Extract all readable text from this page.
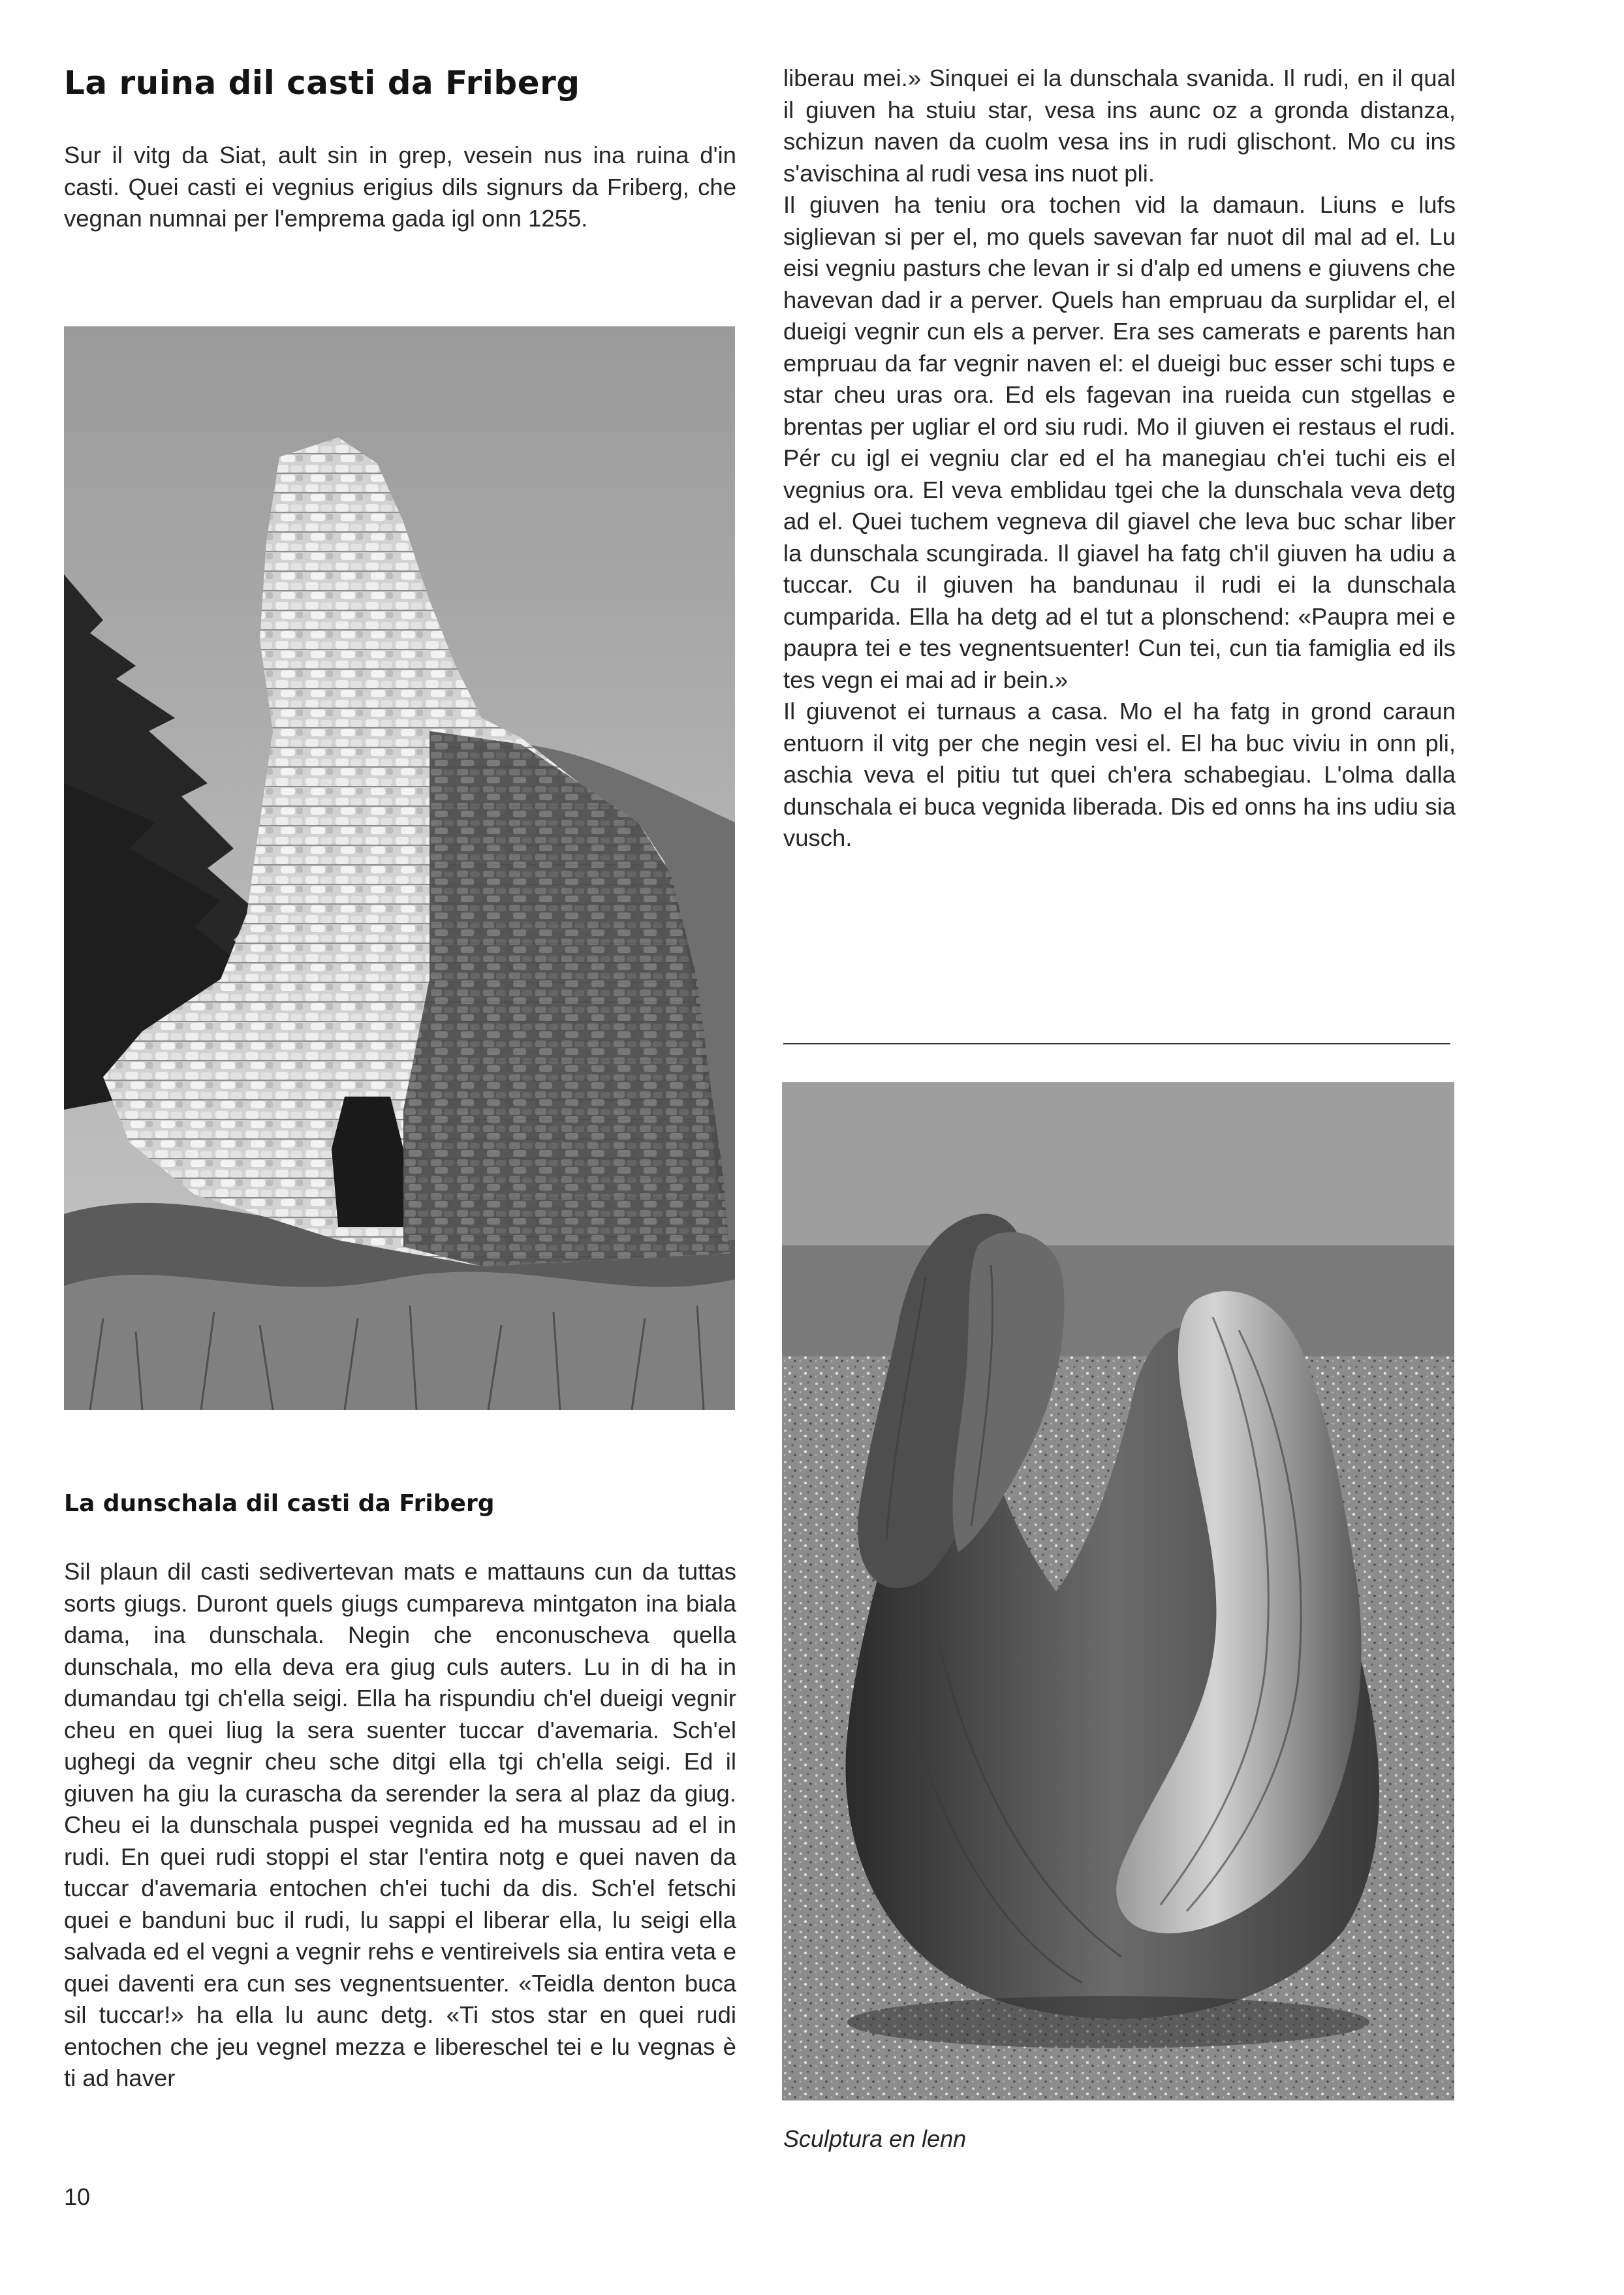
La ruina dil casti da Friberg

Sur il vitg da Siat, ault sin in grep, vesein nus ina ruina d'in casti. Quei casti ei vegnius erigius dils signurs da Friberg, che vegnan numnai per l'emprema gada igl onn 1255.

La dunschala dil casti da Friberg

Sil plaun dil casti sedivertevan mats e mattauns cun da tuttas sorts giugs. Duront quels giugs cumpareva mintgaton ina biala dama, ina dunschala. Negin che enconuscheva quella dunschala, mo ella deva era giug culs auters. Lu in di ha in dumandau tgi ch'ella seigi. Ella ha rispundiu ch'el dueigi vegnir cheu en quei liug la sera suenter tuccar d'avemaria. Sch'el ughegi da vegnir cheu sche ditgi ella tgi ch'ella seigi. Ed il giuven ha giu la curascha da serender la sera al plaz da giug. Cheu ei la dunschala puspei vegnida ed ha mussau ad el in rudi. En quei rudi stoppi el star l'entira notg e quei naven da tuccar d'avemaria entochen ch'ei tuchi da dis. Sch'el fetschi quei e banduni buc il rudi, lu sappi el liberar ella, lu seigi ella salvada ed el vegni a vegnir rehs e ventireivels sia entira veta e quei daventi era cun ses vegnentsuenter. «Teidla denton buca sil tuccar!» ha ella lu aunc detg. «Ti stos star en quei rudi entochen che jeu vegnel mezza e libereschel tei e lu vegnas è ti ad haver

liberau mei.» Sinquei ei la dunschala svanida. Il rudi, en il qual il giuven ha stuiu star, vesa ins aunc oz a gronda distanza, schizun naven da cuolm vesa ins in rudi glischont. Mo cu ins s'avischina al rudi vesa ins nuot pli.

Il giuven ha teniu ora tochen vid la damaun. Liuns e lufs siglievan si per el, mo quels savevan far nuot dil mal ad el. Lu eisi vegniu pasturs che levan ir si d'alp ed umens e giuvens che havevan dad ir a perver. Quels han empruau da surplidar el, el dueigi vegnir cun els a perver. Era ses camerats e parents han empruau da far vegnir naven el: el dueigi buc esser schi tups e star cheu uras ora. Ed els fagevan ina rueida cun stgellas e brentas per ugliar el ord siu rudi. Mo il giuven ei restaus el rudi. Pér cu igl ei vegniu clar ed el ha manegiau ch'ei tuchi eis el vegnius ora. El veva emblidau tgei che la dunschala veva detg ad el. Quei tuchem vegneva dil giavel che leva buc schar liber la dunschala scungirada. Il giavel ha fatg ch'il giuven ha udiu a tuccar. Cu il giuven ha bandunau il rudi ei la dunschala cumparida. Ella ha detg ad el tut a plonschend: «Paupra mei e paupra tei e tes vegnentsuenter! Cun tei, cun tia famiglia ed ils tes vegn ei mai ad ir bein.»

Il giuvenot ei turnaus a casa. Mo el ha fatg in grond caraun entuorn il vitg per che negin vesi el. El ha buc viviu in onn pli, aschia veva el pitiu tut quei ch'era schabegiau. L'olma dalla dunschala ei buca vegnida liberada. Dis ed onns ha ins udiu sia vusch.

Sculptura en lenn
10
